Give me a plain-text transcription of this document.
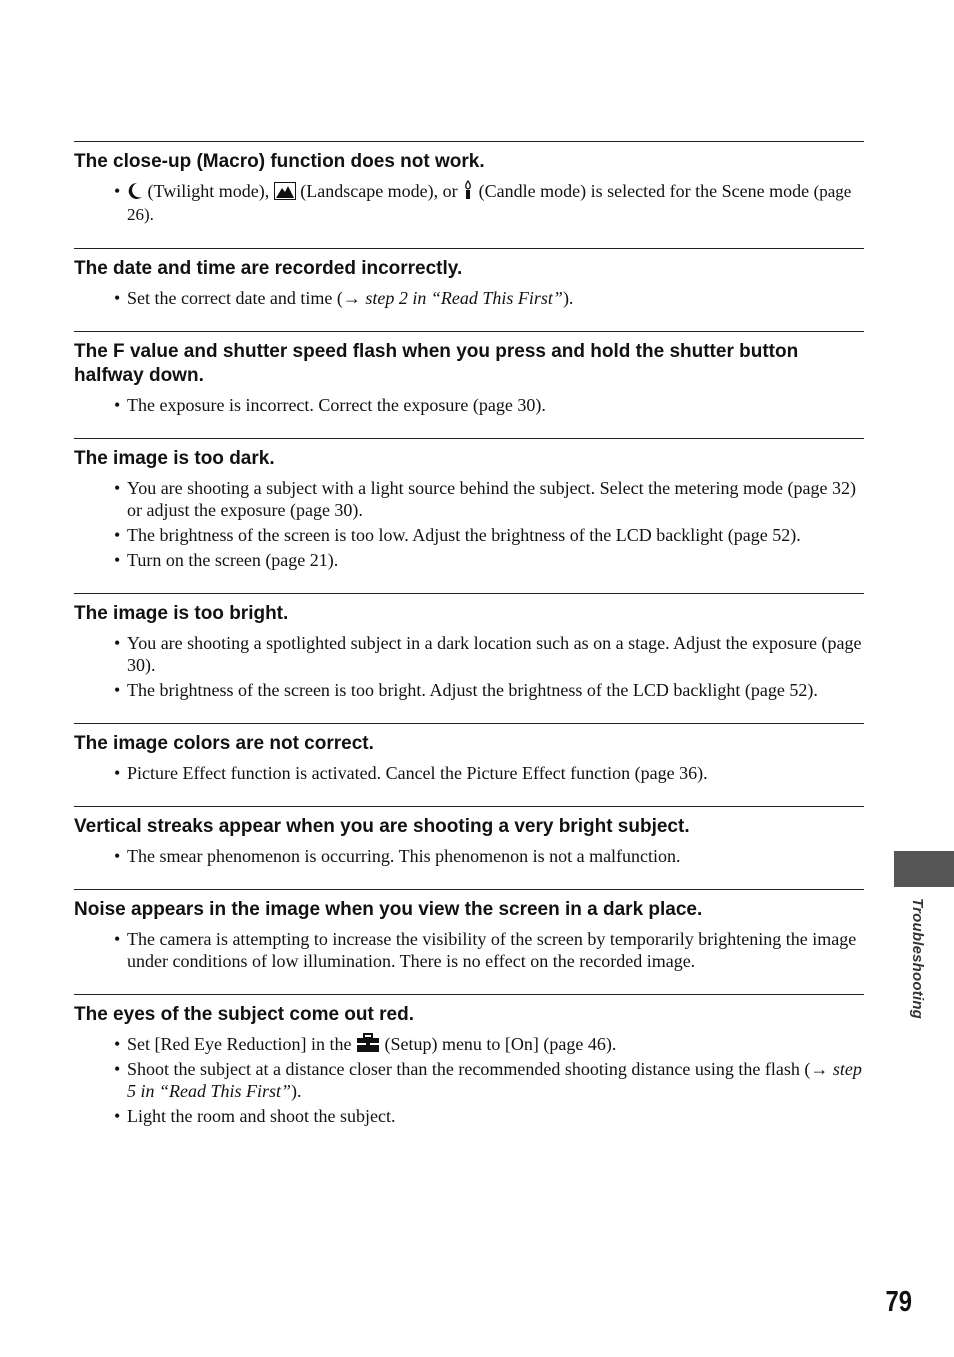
The close-up (Macro) function does not work.
• (Twilight mode), (Landscape mode), or (Candle mode) is selected for the Scene mode (page 26).
The date and time are recorded incorrectly.
• Set the correct date and time (→ step 2 in “Read This First”).
The F value and shutter speed flash when you press and hold the shutter button halfway down.
• The exposure is incorrect. Correct the exposure (page 30).
The image is too dark.
• You are shooting a subject with a light source behind the subject. Select the metering mode (page 32) or adjust the exposure (page 30).
• The brightness of the screen is too low. Adjust the brightness of the LCD backlight (page 52).
• Turn on the screen (page 21).
The image is too bright.
• You are shooting a spotlighted subject in a dark location such as on a stage. Adjust the exposure (page 30).
• The brightness of the screen is too bright. Adjust the brightness of the LCD backlight (page 52).
The image colors are not correct.
• Picture Effect function is activated. Cancel the Picture Effect function (page 36).
Vertical streaks appear when you are shooting a very bright subject.
• The smear phenomenon is occurring. This phenomenon is not a malfunction.
Noise appears in the image when you view the screen in a dark place.
• The camera is attempting to increase the visibility of the screen by temporarily brightening the image under conditions of low illumination. There is no effect on the recorded image.
The eyes of the subject come out red.
• Set [Red Eye Reduction] in the (Setup) menu to [On] (page 46).
• Shoot the subject at a distance closer than the recommended shooting distance using the flash (→ step 5 in “Read This First”).
• Light the room and shoot the subject.
Troubleshooting
79
